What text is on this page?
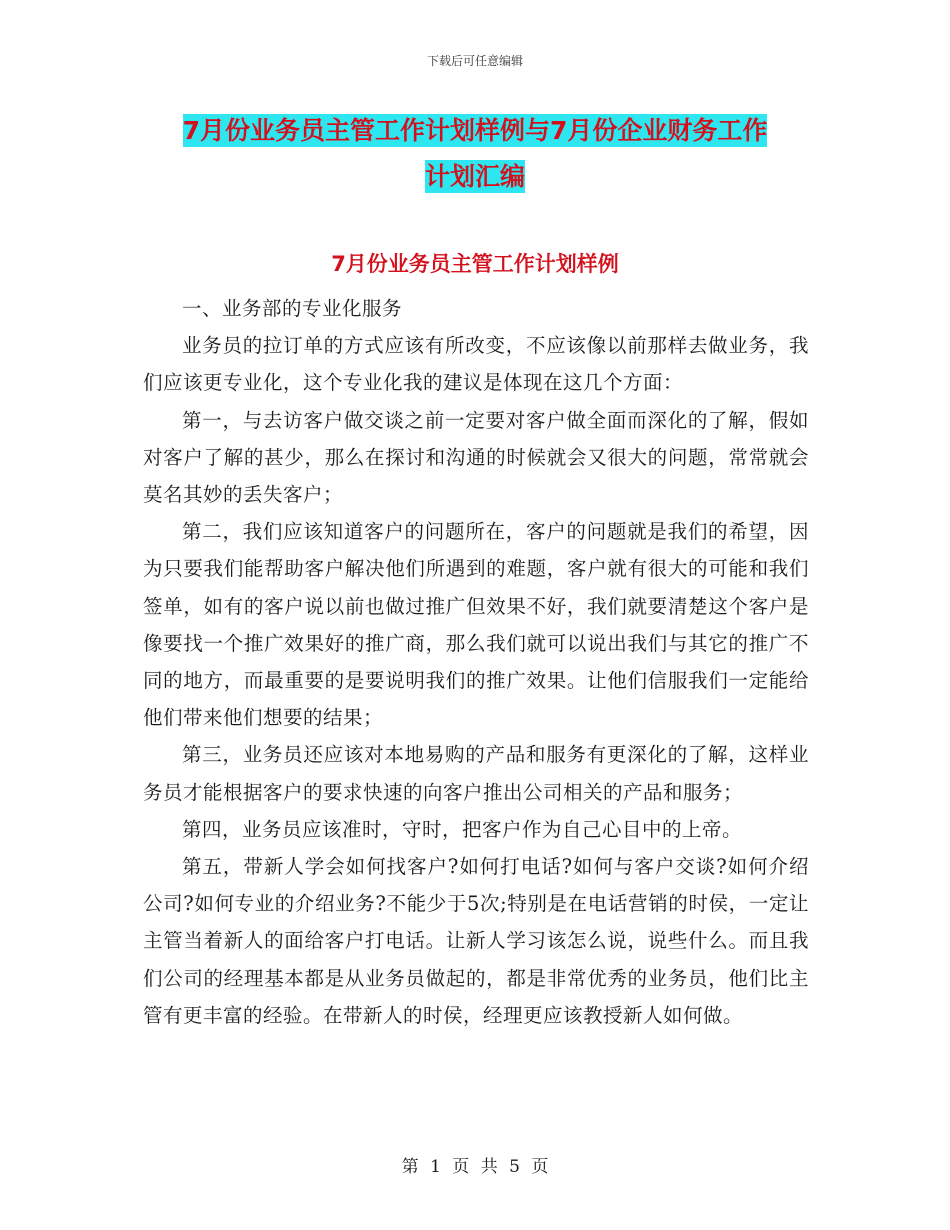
下载后可任意编辑
7月份业务员主管工作计划样例与7月份企业财务工作
计划汇编
7月份业务员主管工作计划样例

一、业务部的专业化服务

业务员的拉订单的方式应该有所改变，不应该像以前那样去做业务，我们应该更专业化，这个专业化我的建议是体现在这几个方面：

第一，与去访客户做交谈之前一定要对客户做全面而深化的了解，假如对客户了解的甚少，那么在探讨和沟通的时候就会又很大的问题，常常就会莫名其妙的丢失客户；

第二，我们应该知道客户的问题所在，客户的问题就是我们的希望，因为只要我们能帮助客户解决他们所遇到的难题，客户就有很大的可能和我们签单，如有的客户说以前也做过推广但效果不好，我们就要清楚这个客户是像要找一个推广效果好的推广商，那么我们就可以说出我们与其它的推广不同的地方，而最重要的是要说明我们的推广效果。让他们信服我们一定能给他们带来他们想要的结果；

第三，业务员还应该对本地易购的产品和服务有更深化的了解，这样业务员才能根据客户的要求快速的向客户推出公司相关的产品和服务；

第四，业务员应该准时，守时，把客户作为自己心目中的上帝。

第五，带新人学会如何找客户?如何打电话?如何与客户交谈?如何介绍公司?如何专业的介绍业务?不能少于5次;特别是在电话营销的时侯，一定让主管当着新人的面给客户打电话。让新人学习该怎么说，说些什么。而且我们公司的经理基本都是从业务员做起的，都是非常优秀的业务员，他们比主管有更丰富的经验。在带新人的时侯，经理更应该教授新人如何做。

第 1 页 共 5 页
